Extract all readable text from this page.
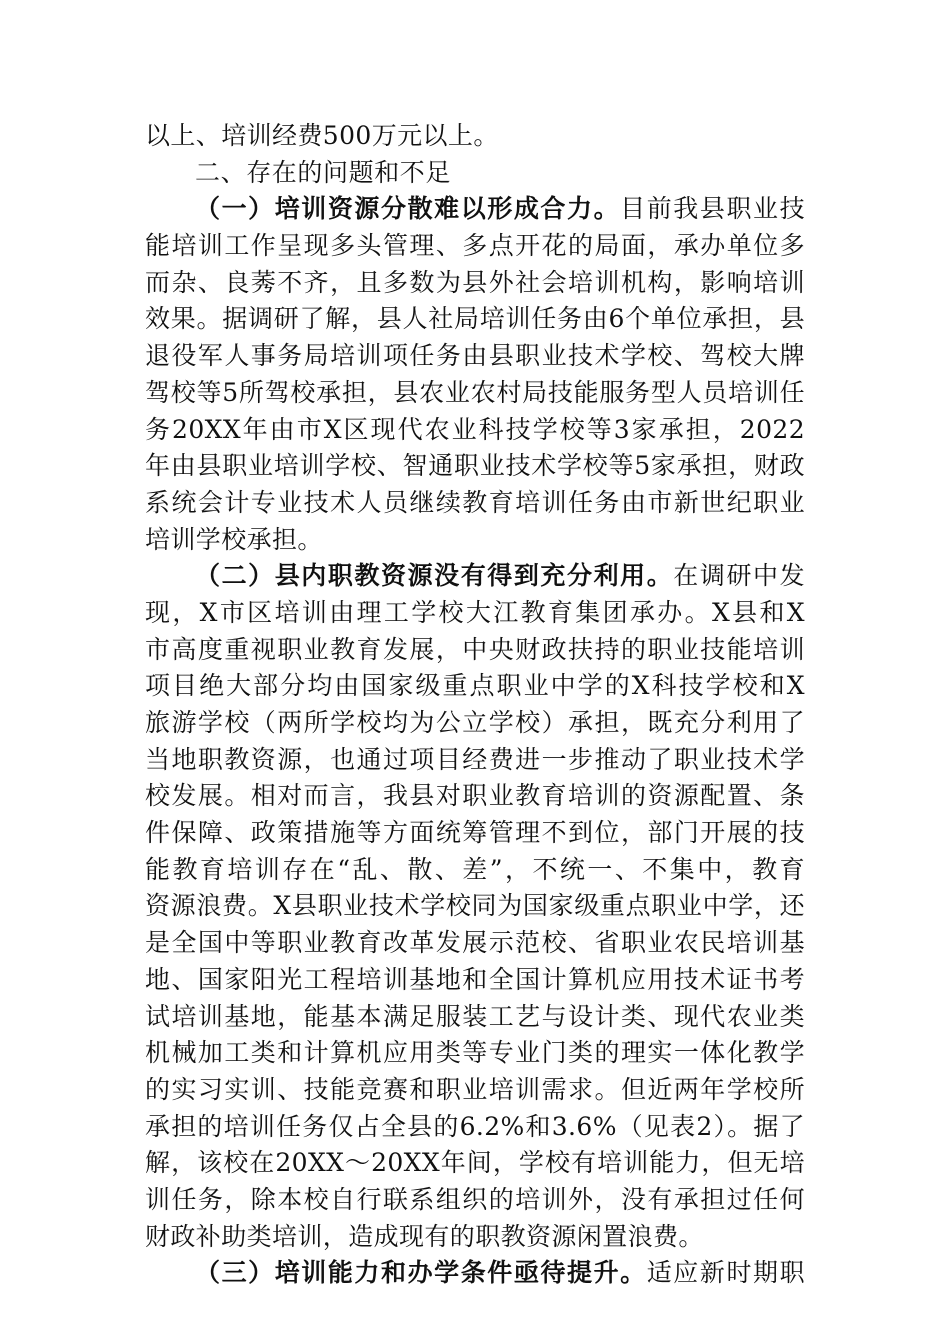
以上、培训经费500万元以上。
二、存在的问题和不足
（一）培训资源分散难以形成合力。目前我县职业技
能培训工作呈现多头管理、多点开花的局面，承办单位多
而杂、良莠不齐，且多数为县外社会培训机构，影响培训
效果。据调研了解，县人社局培训任务由6个单位承担，县
退役军人事务局培训项任务由县职业技术学校、驾校大牌
驾校等5所驾校承担，县农业农村局技能服务型人员培训任
务20XX年由市X区现代农业科技学校等3家承担，2022
年由县职业培训学校、智通职业技术学校等5家承担，财政
系统会计专业技术人员继续教育培训任务由市新世纪职业
培训学校承担。
（二）县内职教资源没有得到充分利用。在调研中发
现，X市区培训由理工学校大江教育集团承办。X县和X
市高度重视职业教育发展，中央财政扶持的职业技能培训
项目绝大部分均由国家级重点职业中学的X科技学校和X
旅游学校（两所学校均为公立学校）承担，既充分利用了
当地职教资源，也通过项目经费进一步推动了职业技术学
校发展。相对而言，我县对职业教育培训的资源配置、条
件保障、政策措施等方面统筹管理不到位，部门开展的技
能教育培训存在“乱、散、差”，不统一、不集中，教育
资源浪费。X县职业技术学校同为国家级重点职业中学，还
是全国中等职业教育改革发展示范校、省职业农民培训基
地、国家阳光工程培训基地和全国计算机应用技术证书考
试培训基地，能基本满足服装工艺与设计类、现代农业类
机械加工类和计算机应用类等专业门类的理实一体化教学
的实习实训、技能竞赛和职业培训需求。但近两年学校所
承担的培训任务仅占全县的6.2%和3.6%（见表2）。据了
解，该校在20XX～20XX年间，学校有培训能力，但无培
训任务，除本校自行联系组织的培训外，没有承担过任何
财政补助类培训，造成现有的职教资源闲置浪费。
（三）培训能力和办学条件亟待提升。适应新时期职
